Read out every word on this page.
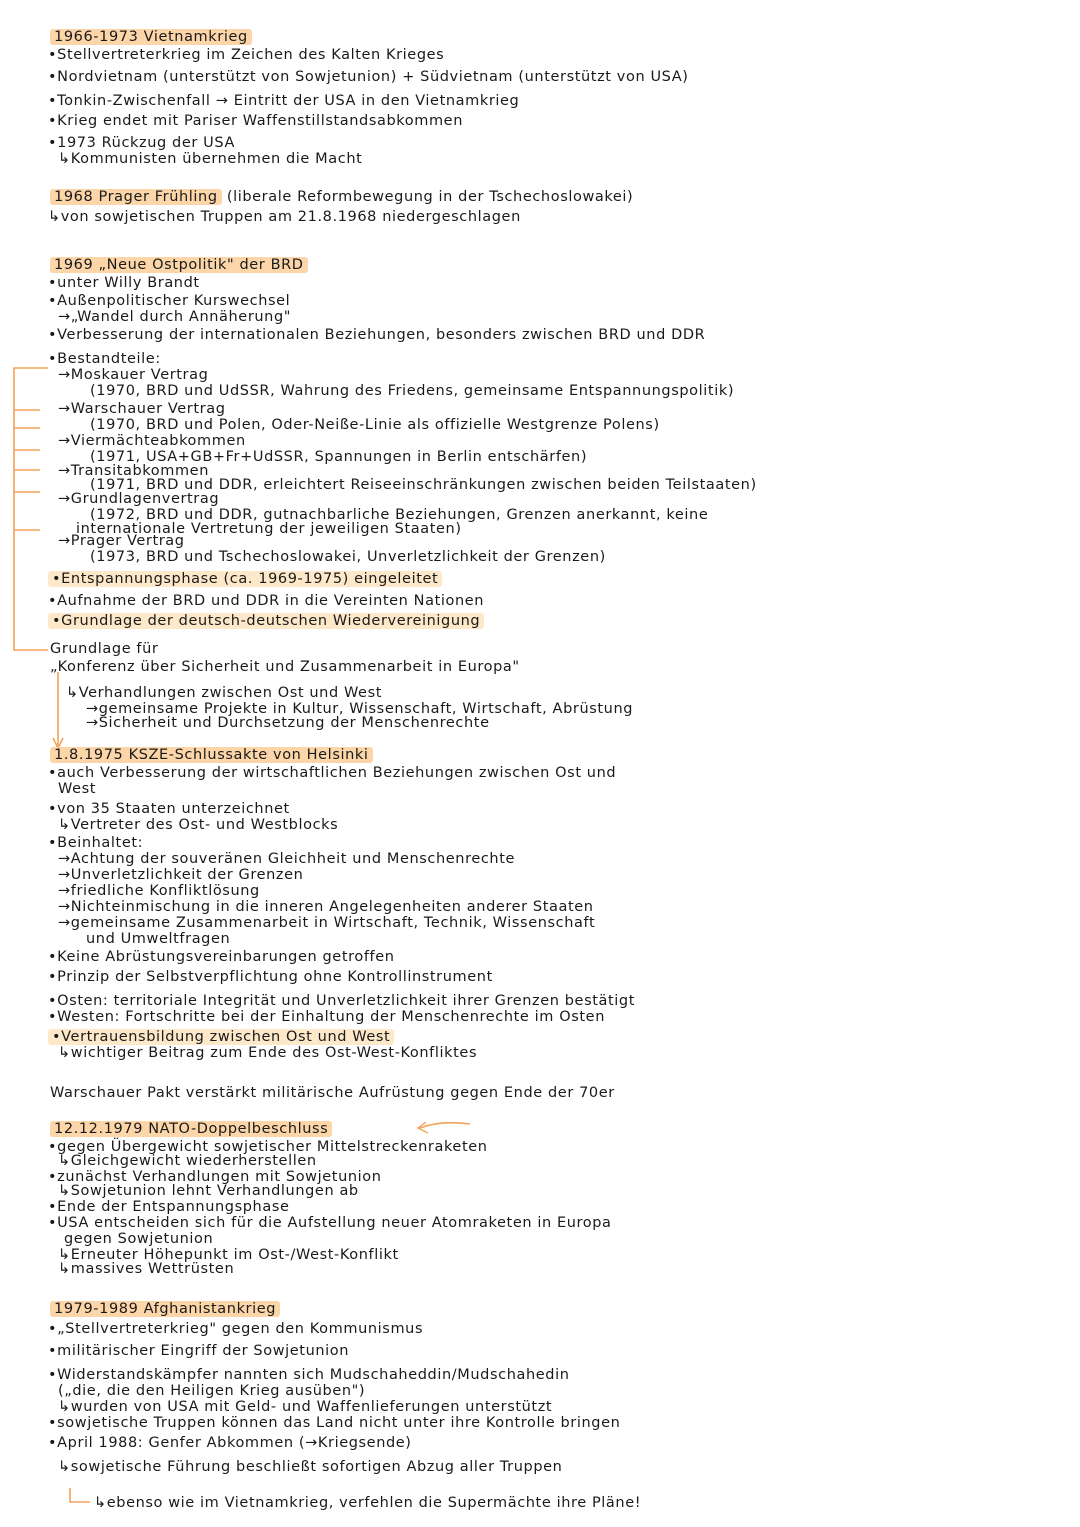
1966-1973 Vietnamkrieg
•Stellvertreterkrieg im Zeichen des Kalten Krieges
•Nordvietnam (unterstützt von Sowjetunion) + Südvietnam (unterstützt von USA)
•Tonkin-Zwischenfall → Eintritt der USA in den Vietnamkrieg
•Krieg endet mit Pariser Waffenstillstandsabkommen
•1973 Rückzug der USA
↳Kommunisten übernehmen die Macht
1968 Prager Frühling (liberale Reformbewegung in der Tschechoslowakei)
↳von sowjetischen Truppen am 21.8.1968 niedergeschlagen
1969 „Neue Ostpolitik" der BRD
•unter Willy Brandt
•Außenpolitischer Kurswechsel
→„Wandel durch Annäherung"
•Verbesserung der internationalen Beziehungen, besonders zwischen BRD und DDR
•Bestandteile:
→Moskauer Vertrag
(1970, BRD und UdSSR, Wahrung des Friedens, gemeinsame Entspannungspolitik)
→Warschauer Vertrag
(1970, BRD und Polen, Oder-Neiße-Linie als offizielle Westgrenze Polens)
→Viermächteabkommen
(1971, USA+GB+Fr+UdSSR, Spannungen in Berlin entschärfen)
→Transitabkommen
(1971, BRD und DDR, erleichtert Reiseeinschränkungen zwischen beiden Teilstaaten)
→Grundlagenvertrag
(1972, BRD und DDR, gutnachbarliche Beziehungen, Grenzen anerkannt, keine
internationale Vertretung der jeweiligen Staaten)
→Prager Vertrag
(1973, BRD und Tschechoslowakei, Unverletzlichkeit der Grenzen)
•Entspannungsphase (ca. 1969-1975) eingeleitet
•Aufnahme der BRD und DDR in die Vereinten Nationen
•Grundlage der deutsch-deutschen Wiedervereinigung
Grundlage für
„Konferenz über Sicherheit und Zusammenarbeit in Europa"
↳Verhandlungen zwischen Ost und West
→gemeinsame Projekte in Kultur, Wissenschaft, Wirtschaft, Abrüstung
→Sicherheit und Durchsetzung der Menschenrechte
1.8.1975 KSZE-Schlussakte von Helsinki
•auch Verbesserung der wirtschaftlichen Beziehungen zwischen Ost und
West
•von 35 Staaten unterzeichnet
↳Vertreter des Ost- und Westblocks
•Beinhaltet:
→Achtung der souveränen Gleichheit und Menschenrechte
→Unverletzlichkeit der Grenzen
→friedliche Konfliktlösung
→Nichteinmischung in die inneren Angelegenheiten anderer Staaten
→gemeinsame Zusammenarbeit in Wirtschaft, Technik, Wissenschaft
und Umweltfragen
•Keine Abrüstungsvereinbarungen getroffen
•Prinzip der Selbstverpflichtung ohne Kontrollinstrument
•Osten: territoriale Integrität und Unverletzlichkeit ihrer Grenzen bestätigt
•Westen: Fortschritte bei der Einhaltung der Menschenrechte im Osten
•Vertrauensbildung zwischen Ost und West
↳wichtiger Beitrag zum Ende des Ost-West-Konfliktes
Warschauer Pakt verstärkt militärische Aufrüstung gegen Ende der 70er
12.12.1979 NATO-Doppelbeschluss
•gegen Übergewicht sowjetischer Mittelstreckenraketen
↳Gleichgewicht wiederherstellen
•zunächst Verhandlungen mit Sowjetunion
↳Sowjetunion lehnt Verhandlungen ab
•Ende der Entspannungsphase
•USA entscheiden sich für die Aufstellung neuer Atomraketen in Europa
gegen Sowjetunion
↳Erneuter Höhepunkt im Ost-/West-Konflikt
↳massives Wettrüsten
1979-1989 Afghanistankrieg
•„Stellvertreterkrieg" gegen den Kommunismus
•militärischer Eingriff der Sowjetunion
•Widerstandskämpfer nannten sich Mudschaheddin/Mudschahedin
(„die, die den Heiligen Krieg ausüben")
↳wurden von USA mit Geld- und Waffenlieferungen unterstützt
•sowjetische Truppen können das Land nicht unter ihre Kontrolle bringen
•April 1988: Genfer Abkommen (→Kriegsende)
↳sowjetische Führung beschließt sofortigen Abzug aller Truppen
↳ebenso wie im Vietnamkrieg, verfehlen die Supermächte ihre Pläne!
